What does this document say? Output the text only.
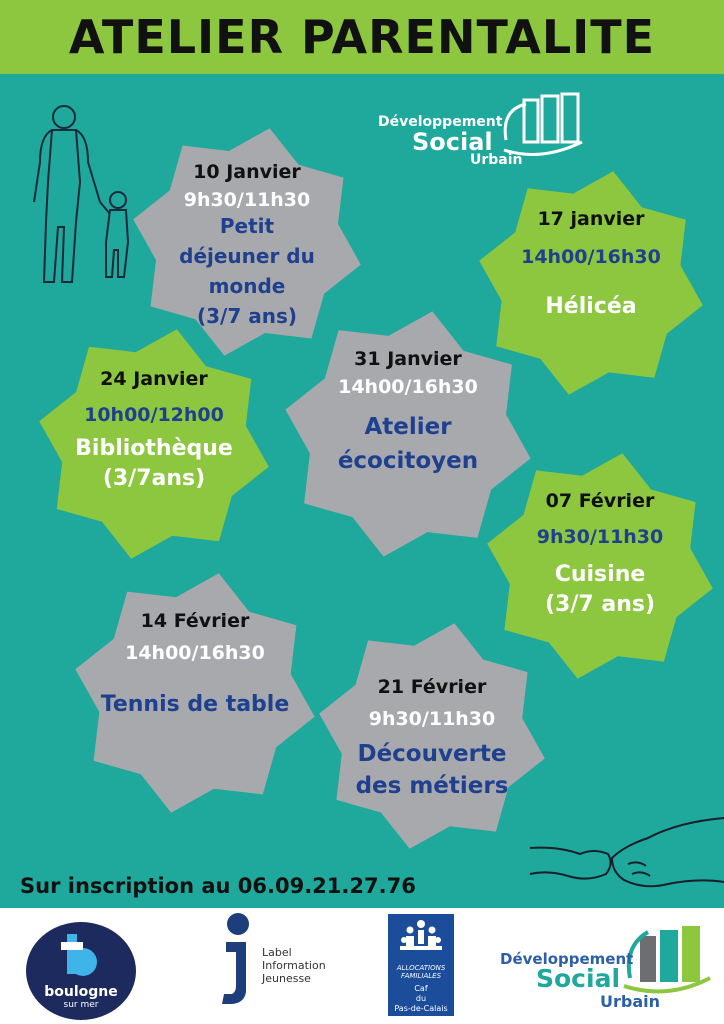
ATELIER PARENTALITE
Développement
Social
Urbain
10 Janvier
9h30/11h30
Petit
déjeuner du
monde
(3/7 ans)
17 janvier
14h00/16h30
Hélicéa
24 Janvier
10h00/12h00
Bibliothèque
(3/7ans)
31 Janvier
14h00/16h30
Atelier
écocitoyen
07 Février
9h30/11h30
Cuisine
(3/7 ans)
14 Février
14h00/16h30
Tennis de table
21 Février
9h30/11h30
Découverte
des métiers
Sur inscription au 06.09.21.27.76
boulogne
sur mer
Label
Information
Jeunesse
ALLOCATIONS
FAMILIALES
Caf
du
Pas-de-Calais
Développement
Social
Urbain
